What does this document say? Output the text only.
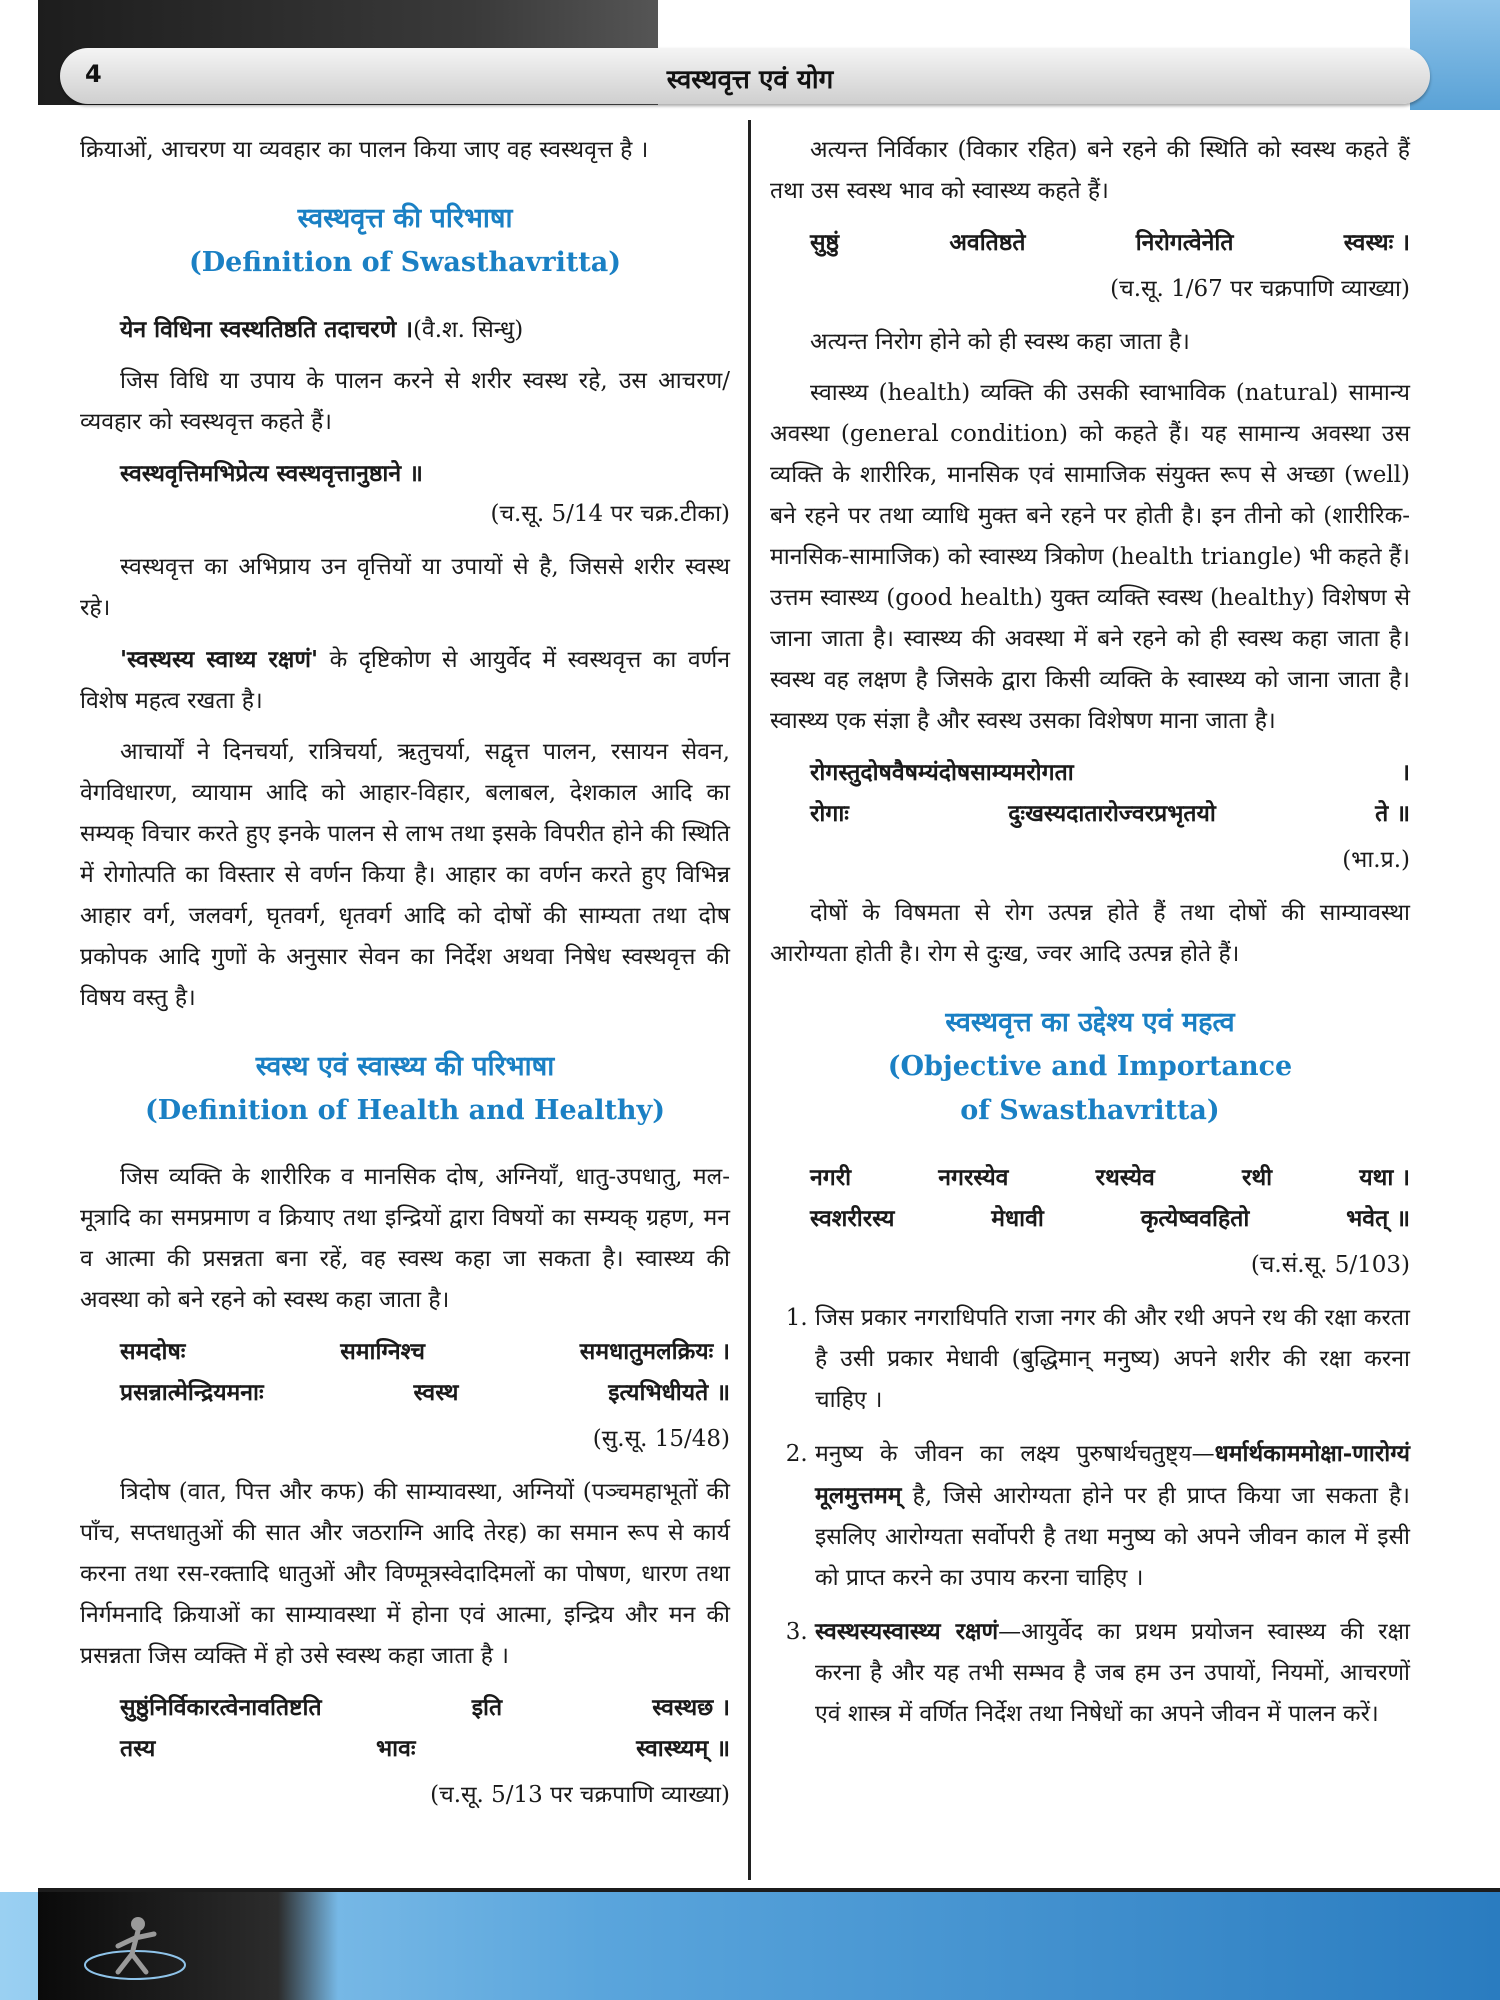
4	स्वस्थवृत्त एवं योग

क्रियाओं, आचरण या व्यवहार का पालन किया जाए वह स्वस्थवृत्त है ।

स्वस्थवृत्त की परिभाषा
(Definition of Swasthavritta)

येन विधिना स्वस्थतिष्ठति तदाचरणे ।(वै.श. सिन्धु)

जिस विधि या उपाय के पालन करने से शरीर स्वस्थ रहे, उस आचरण/व्यवहार को स्वस्थवृत्त कहते हैं।

स्वस्थवृत्तिमभिप्रेत्य स्वस्थवृत्तानुष्ठाने ॥

(च.सू. 5/14 पर चक्र.टीका)

स्वस्थवृत्त का अभिप्राय उन वृत्तियों या उपायों से है, जिससे शरीर स्वस्थ रहे।

'स्वस्थस्य स्वाथ्य रक्षणं' के दृष्टिकोण से आयुर्वेद में स्वस्थवृत्त का वर्णन विशेष महत्व रखता है।

आचार्यों ने दिनचर्या, रात्रिचर्या, ऋतुचर्या, सद्वृत्त पालन, रसायन सेवन, वेगविधारण, व्यायाम आदि को आहार-विहार, बलाबल, देशकाल आदि का सम्यक् विचार करते हुए इनके पालन से लाभ तथा इसके विपरीत होने की स्थिति में रोगोत्पति का विस्तार से वर्णन किया है। आहार का वर्णन करते हुए विभिन्न आहार वर्ग, जलवर्ग, घृतवर्ग, धृतवर्ग आदि को दोषों की साम्यता तथा दोष प्रकोपक आदि गुणों के अनुसार सेवन का निर्देश अथवा निषेध स्वस्थवृत्त की विषय वस्तु है।

स्वस्थ एवं स्वास्थ्य की परिभाषा
(Definition of Health and Healthy)

जिस व्यक्ति के शारीरिक व मानसिक दोष, अग्नियाँ, धातु-उपधातु, मल-मूत्रादि का समप्रमाण व क्रियाए तथा इन्द्रियों द्वारा विषयों का सम्यक् ग्रहण, मन व आत्मा की प्रसन्नता बना रहें, वह स्वस्थ कहा जा सकता है। स्वास्थ्य की अवस्था को बने रहने को स्वस्थ कहा जाता है।

समदोषः	समाग्निश्च	समधातुमलक्रियः ।
प्रसन्नात्मेन्द्रियमनाः	स्वस्थ	इत्यभिधीयते ॥

(सु.सू. 15/48)

त्रिदोष (वात, पित्त और कफ) की साम्यावस्था, अग्नियों (पञ्चमहाभूतों की पाँच, सप्तधातुओं की सात और जठराग्नि आदि तेरह) का समान रूप से कार्य करना तथा रस-रक्तादि धातुओं और विण्मूत्रस्वेदादिमलों का पोषण, धारण तथा निर्गमनादि क्रियाओं का साम्यावस्था में होना एवं आत्मा, इन्द्रिय और मन की प्रसन्नता जिस व्यक्ति में हो उसे स्वस्थ कहा जाता है ।

सुष्ठुंनिर्विकारत्वेनावतिष्टति	इति	स्वस्थछ ।
तस्य	भावः	स्वास्थ्यम् ॥

(च.सू. 5/13 पर चक्रपाणि व्याख्या)

अत्यन्त निर्विकार (विकार रहित) बने रहने की स्थिति को स्वस्थ कहते हैं तथा उस स्वस्थ भाव को स्वास्थ्य कहते हैं।

सुष्ठुं	अवतिष्ठते	निरोगत्वेनेति	स्वस्थः ।

(च.सू. 1/67 पर चक्रपाणि व्याख्या)

अत्यन्त निरोग होने को ही स्वस्थ कहा जाता है।

स्वास्थ्य (health) व्यक्ति की उसकी स्वाभाविक (natural) सामान्य अवस्था (general condition) को कहते हैं। यह सामान्य अवस्था उस व्यक्ति के शारीरिक, मानसिक एवं सामाजिक संयुक्त रूप से अच्छा (well) बने रहने पर तथा व्याधि मुक्त बने रहने पर होती है। इन तीनो को (शारीरिक-मानसिक-सामाजिक) को स्वास्थ्य त्रिकोण (health triangle) भी कहते हैं। उत्तम स्वास्थ्य (good health) युक्त व्यक्ति स्वस्थ (healthy) विशेषण से जाना जाता है। स्वास्थ्य की अवस्था में बने रहने को ही स्वस्थ कहा जाता है। स्वस्थ वह लक्षण है जिसके द्वारा किसी व्यक्ति के स्वास्थ्य को जाना जाता है। स्वास्थ्य एक संज्ञा है और स्वस्थ उसका विशेषण माना जाता है।

रोगस्तुदोषवैषम्यंदोषसाम्यमरोगता	।
रोगाः	दुःखस्यदातारोज्वरप्रभृतयो	ते ॥

(भा.प्र.)

दोषों के विषमता से रोग उत्पन्न होते हैं तथा दोषों की साम्यावस्था आरोग्यता होती है। रोग से दुःख, ज्वर आदि उत्पन्न होते हैं।

स्वस्थवृत्त का उद्देश्य एवं महत्व
(Objective and Importance
of Swasthavritta)
नगरी	नगरस्येव	रथस्येव	रथी	यथा ।
स्वशरीरस्य	मेधावी	कृत्येष्ववहितो	भवेत् ॥

(च.सं.सू. 5/103)

1. जिस प्रकार नगराधिपति राजा नगर की और रथी अपने रथ की रक्षा करता है उसी प्रकार मेधावी (बुद्धिमान् मनुष्य) अपने शरीर की रक्षा करना चाहिए ।
2. मनुष्य के जीवन का लक्ष्य पुरुषार्थचतुष्ट्य—धर्मार्थकाममोक्षा-णारोग्यं मूलमुत्तमम् है, जिसे आरोग्यता होने पर ही प्राप्त किया जा सकता है। इसलिए आरोग्यता सर्वोपरी है तथा मनुष्य को अपने जीवन काल में इसी को प्राप्त करने का उपाय करना चाहिए ।
3. स्वस्थस्यस्वास्थ्य रक्षणं—आयुर्वेद का प्रथम प्रयोजन स्वास्थ्य की रक्षा करना है और यह तभी सम्भव है जब हम उन उपायों, नियमों, आचरणों एवं शास्त्र में वर्णित निर्देश तथा निषेधों का अपने जीवन में पालन करें।
